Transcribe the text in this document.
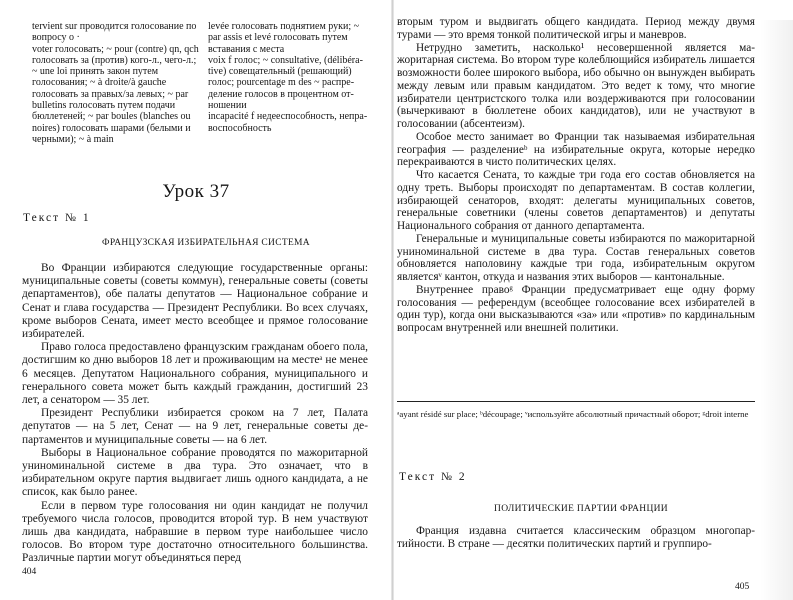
tervient sur проводится голосование по вопросу о ·

voter голосовать; ~ pour (contre) qn, qch голосовать за (против) кого-л., чего-л.; ~ une loi принять закон путем голосования; ~ à droite/à gauche голосовать за правых/за левых; ~ par bulletins голосовать путем подачи бюллетеней; ~ par boules (blanches ou noires) голосовать шарами (белыми и черными); ~ à main

levée голосовать поднятием руки; ~ par assis et levé голосовать путем вставания с места

voix f голос; ~ consultative, (délibérative) совещательный (решающий) голос; pourcentage m des ~ распределение голосов в процентном отношении

incapacité f недееспособность, неправоспособность

Урок 37
Текст № 1
ФРАНЦУЗСКАЯ ИЗБИРАТЕЛЬНАЯ СИСТЕМА

Во Франции избираются следующие государственные органы: муниципальные советы (советы коммун), генеральные советы (советы департаментов), обе палаты депутатов — Национальное собрание и Сенат и глава государства — Президент Республики. Во всех случаях, кроме выборов Сената, имеет место всеобщее и прямое голосование избирателей.

Право голоса предоставлено французским гражданам обоего пола, достигшим ко дню выборов 18 лет и проживающим на местеᵃ не менее 6 месяцев. Депутатом Национального собрания, муниципального и генерального совета может быть каждый гражданин, достигший 23 лет, а сенатором — 35 лет.

Президент Республики избирается сроком на 7 лет, Палата депутатов — на 5 лет, Сенат — на 9 лет, генеральные советы департаментов и муниципальные советы — на 6 лет.

Выборы в Национальное собрание проводятся по мажоритарной униноминальной системе в два тура. Это означает, что в избирательном округе партия выдвигает лишь одного кандидата, а не список, как было ранее.

Если в первом туре голосования ни один кандидат не получил требуемого числа голосов, проводится второй тур. В нем участвуют лишь два кандидата, набравшие в первом туре наибольшее число голосов. Во втором туре достаточно относительного большинства. Различные партии могут объединяться перед

404

вторым туром и выдвигать общего кандидата. Период между двумя турами — это время тонкой политической игры и маневров.

Нетрудно заметить, насколько¹ несовершенной является мажоритарная система. Во втором туре колеблющийся избиратель лишается возможности более широкого выбора, ибо обычно он вынужден выбирать между левым или правым кандидатом. Это ведет к тому, что многие избиратели центристского толка или воздерживаются при голосовании (вычеркивают в бюллетене обоих кандидатов), или не участвуют в голосовании (абсентеизм).

Особое место занимает во Франции так называемая избирательная география — разделениеᵇ на избирательные округа, которые нередко перекраиваются в чисто политических целях.

Что касается Сената, то каждые три года его состав обновляется на одну треть. Выборы происходят по департаментам. В состав коллегии, избирающей сенаторов, входят: делегаты муниципальных советов, генеральные советники (члены советов департаментов) и депутаты Национального собрания от данного департамента.

Генеральные и муниципальные советы избираются по мажоритарной униноминальной системе в два тура. Состав генеральных советов обновляется наполовину каждые три года, избирательным округом являетсяᵛ кантон, откуда и названия этих выборов — кантональные.

Внутреннее правоᵍ Франции предусматривает еще одну форму голосования — референдум (всеобщее голосование всех избирателей в один тур), когда они высказываются «за» или «против» по кардинальным вопросам внутренней или внешней политики.

ᵃayant résidé sur place; ᵇdécoupage; ᵛиспользуйте абсолютный причастный оборот; ᵍdroit interne
Текст № 2
ПОЛИТИЧЕСКИЕ ПАРТИИ ФРАНЦИИ

Франция издавна считается классическим образцом многопартийности. В стране — десятки политических партий и группиро-

405
